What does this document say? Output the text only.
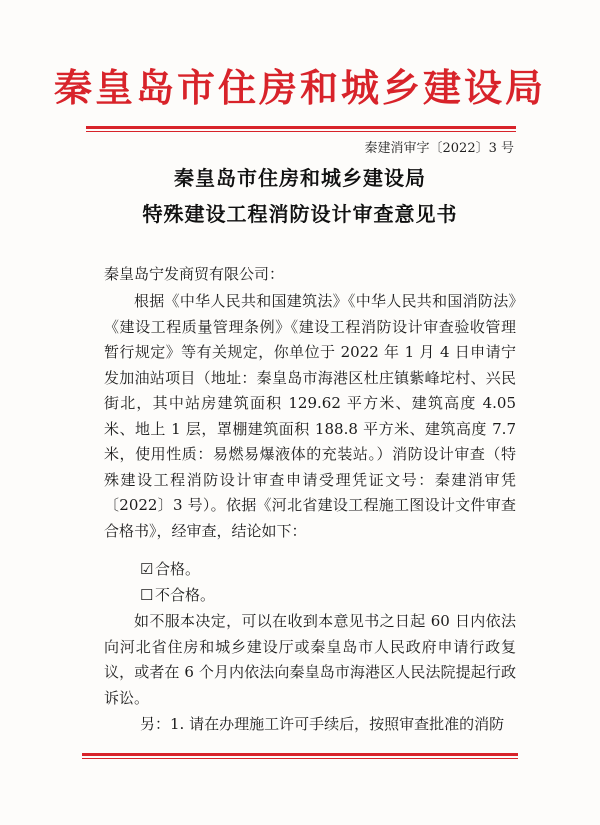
秦皇岛市住房和城乡建设局
秦建消审字〔2022〕3 号
秦皇岛市住房和城乡建设局
特殊建设工程消防设计审查意见书
秦皇岛宁发商贸有限公司：
根据《中华人民共和国建筑法》《中华人民共和国消防法》《建设工程质量管理条例》《建设工程消防设计审查验收管理暂行规定》等有关规定，你单位于 2022 年 1 月 4 日申请宁发加油站项目（地址：秦皇岛市海港区杜庄镇紫峰坨村、兴民街北，其中站房建筑面积 129.62 平方米、建筑高度 4.05 米、地上 1 层，罩棚建筑面积 188.8 平方米、建筑高度 7.7 米，使用性质：易燃易爆液体的充装站。）消防设计审查（特殊建设工程消防设计审查申请受理凭证文号：秦建消审凭〔2022〕3 号）。依据《河北省建设工程施工图设计文件审查合格书》，经审查，结论如下：
☑ 合格。
☐ 不合格。
如不服本决定，可以在收到本意见书之日起 60 日内依法向河北省住房和城乡建设厅或秦皇岛市人民政府申请行政复议，或者在 6 个月内依法向秦皇岛市海港区人民法院提起行政诉讼。
另：1. 请在办理施工许可手续后，按照审查批准的消防
